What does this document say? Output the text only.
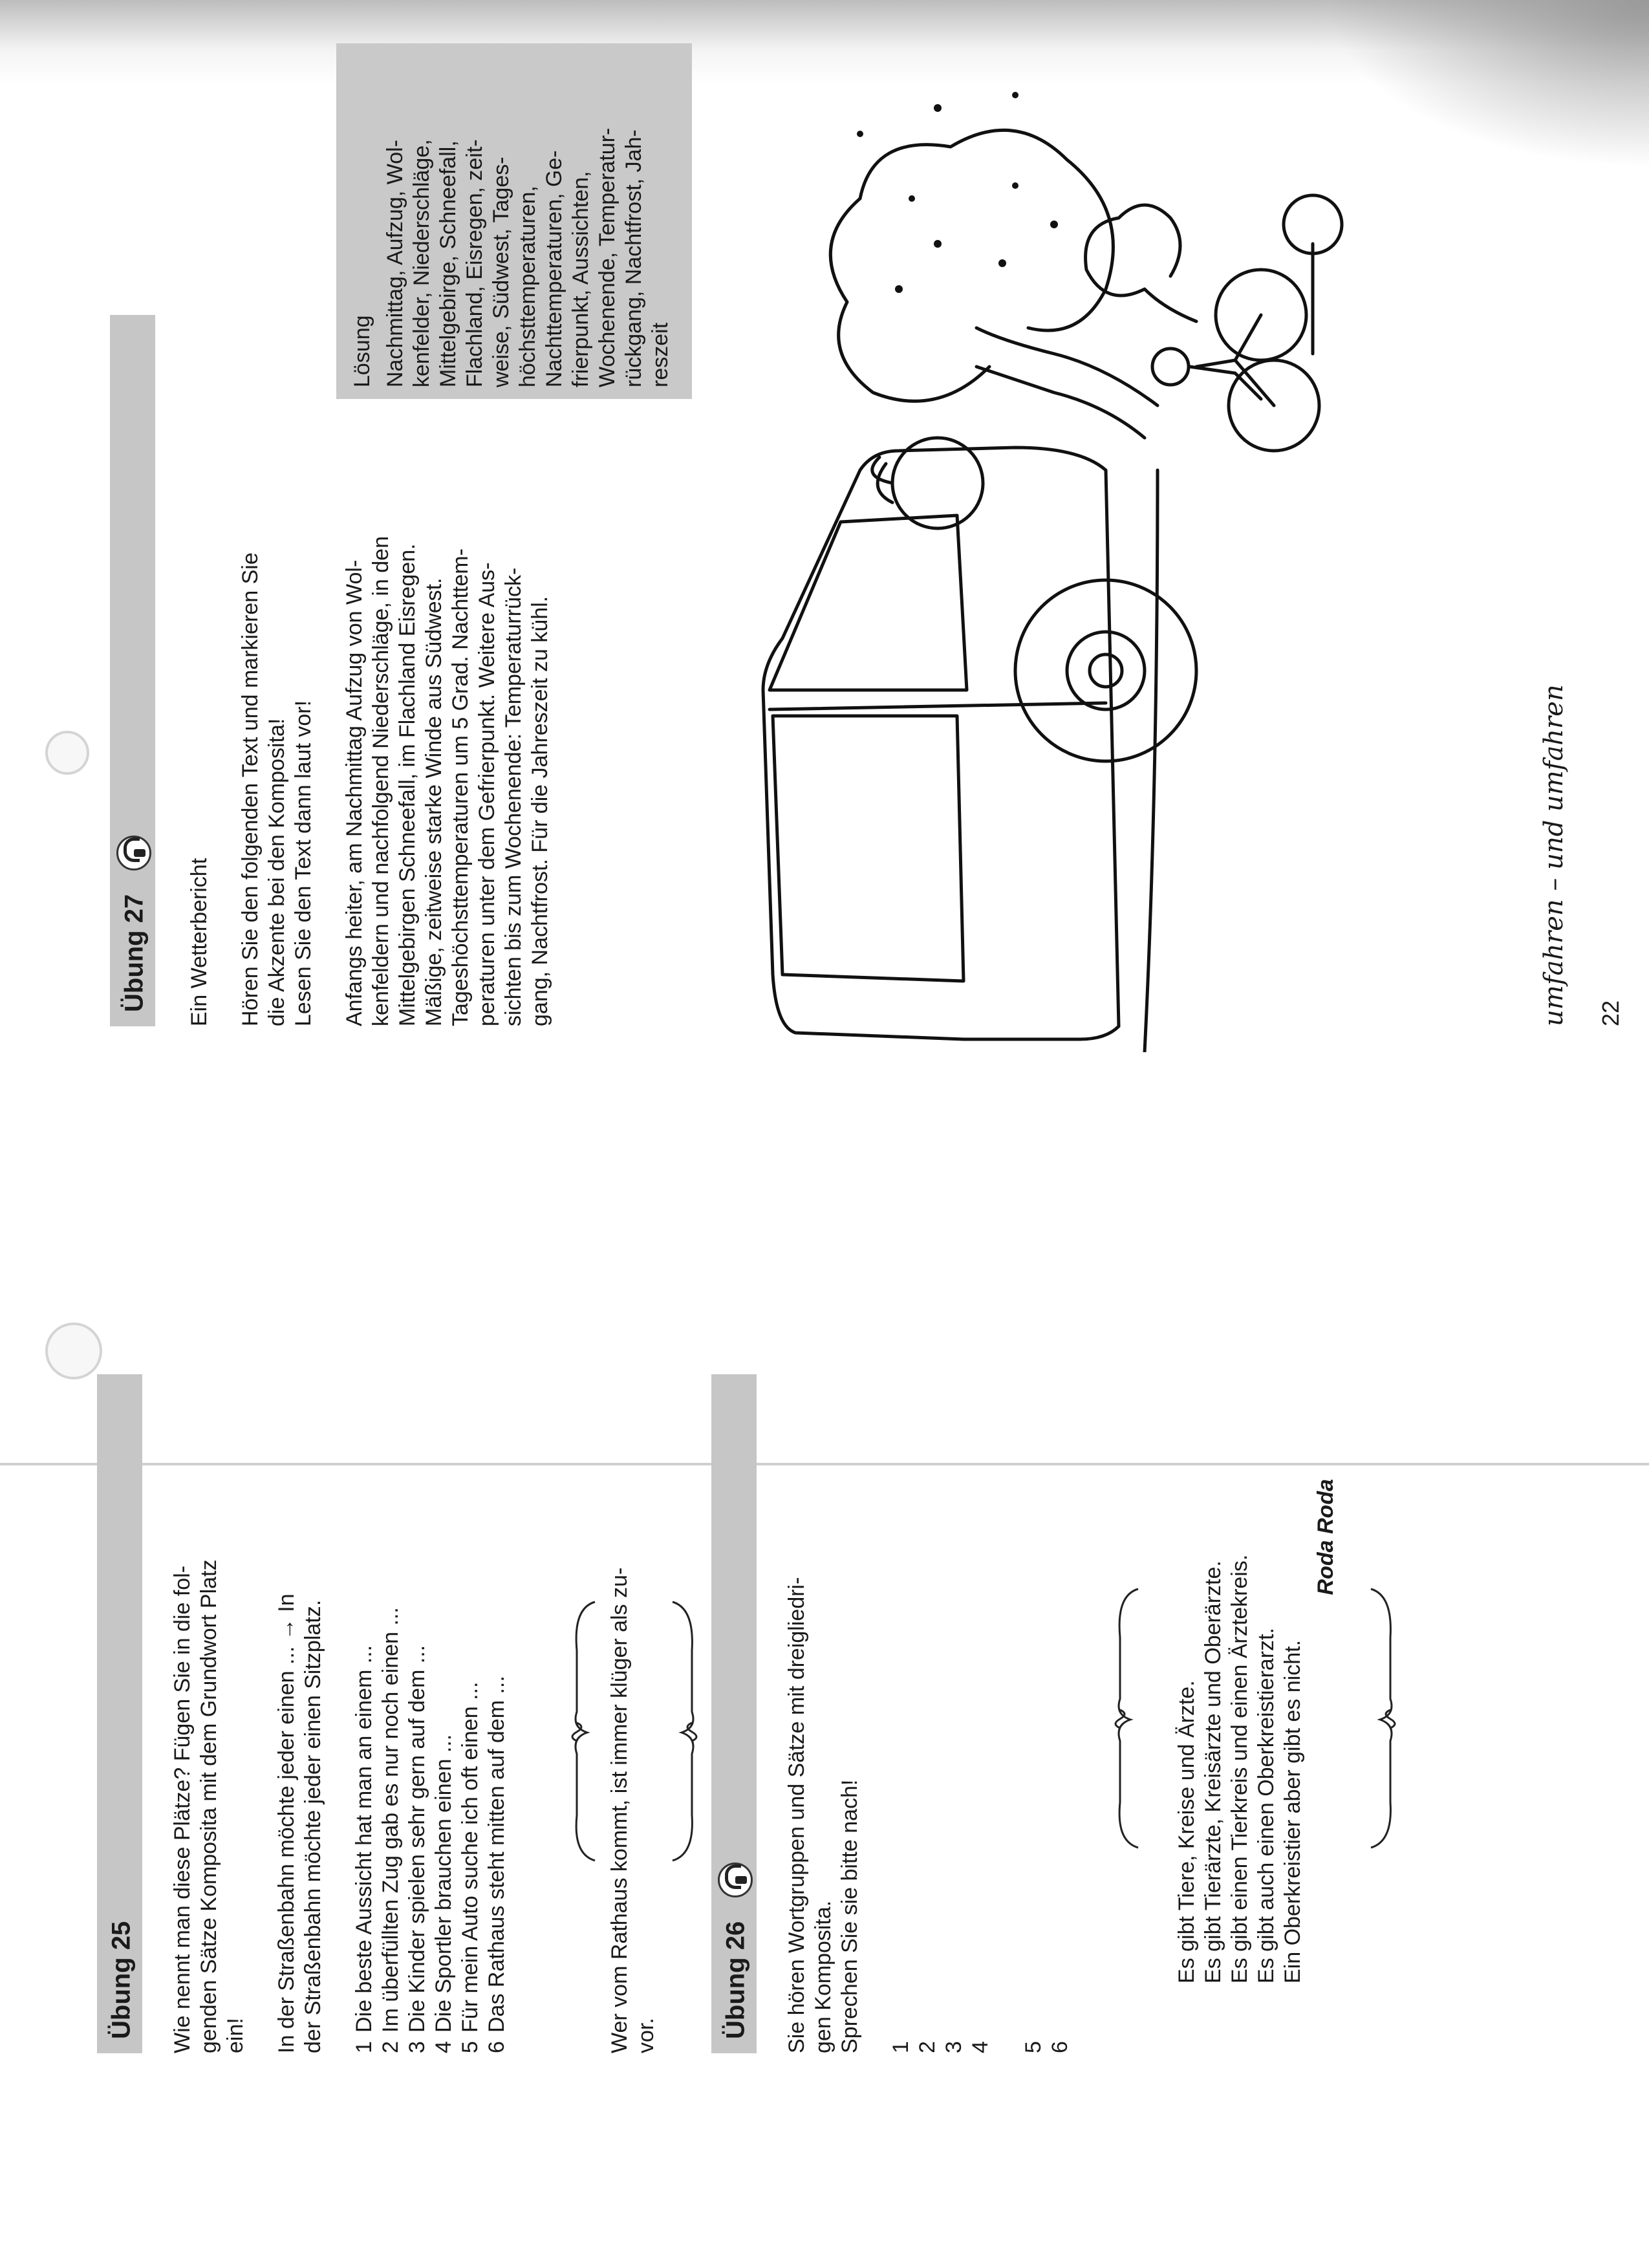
Übung 25	Wie nennt man diese Plätze? Fügen Sie in die fol- genden Sätze Komposita mit dem Grundwort Platz ein! In der Straßenbahn möchte jeder einen ... → In der Straßenbahn möchte jeder einen Sitzplatz. 1Die beste Aussicht hat man an einem ...
2Im überfüllten Zug gab es nur noch einen ...
3Die Kinder spielen sehr gern auf dem ...
4Die Sportler brauchen einen ...
5Für mein Auto suche ich oft einen ...
6Das Rathaus steht mitten auf dem ...	Wer vom Rathaus kommt, ist immer klüger als zu- vor.	Übung 26	Sie hören Wortgruppen und Sätze mit dreigliedri- gen Komposita. Sprechen Sie sie bitte nach! 1 2 3 4 5 6
Es gibt Tiere, Kreise und Ärzte. Es gibt Tierärzte, Kreisärzte und Oberärzte. Es gibt einen Tierkreis und einen Ärztekreis. Es gibt auch einen Oberkreistierarzt. Ein Oberkreistier aber gibt es nicht.
Roda Roda
Übung 27	Ein Wetterbericht Hören Sie den folgenden Text und markieren Sie die Akzente bei den Komposita! Lesen Sie den Text dann laut vor! Anfangs heiter, am Nachmittag Aufzug von Wol- kenfeldern und nachfolgend Niederschläge, in den Mittelgebirgen Schneefall, im Flachland Eisregen. Mäßige, zeitweise starke Winde aus Südwest. Tageshöchsttemperaturen um 5 Grad. Nachttem- peraturen unter dem Gefrierpunkt. Weitere Aus- sichten bis zum Wochenende: Temperaturrück- gang, Nachtfrost. Für die Jahreszeit zu kühl.
Lösung Nachmittag, Aufzug, Wol- kenfelder, Niederschläge, Mittelgebirge, Schneefall, Flachland, Eisregen, zeit- weise, Südwest, Tages- höchsttemperaturen, Nachttemperaturen, Ge- frierpunkt, Aussichten, Wochenende, Temperatur- rückgang, Nachtfrost, Jah- reszeit
umfahren – und umfahren 22
